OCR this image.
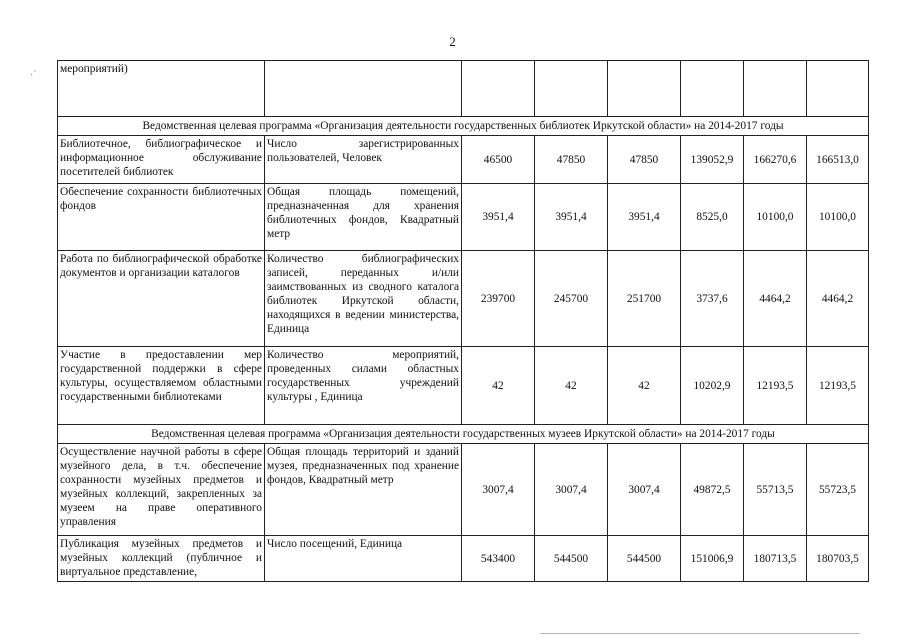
2
·´
мероприятий)							
Ведомственная целевая программа «Организация деятельности государственных библиотек Иркутской области» на 2014-2017 годы							
Библиотечное, библиографическое и информационное обслуживание посетителей библиотек	Число зарегистрированных пользователей, Человек	46500	47850	47850	139052,9	166270,6	166513,0
Обеспечение сохранности библиотечных фондов	Общая площадь помещений, предназначенная для хранения библиотечных фондов, Квадратный метр	3951,4	3951,4	3951,4	8525,0	10100,0	10100,0
Работа по библиографической обработке документов и организации каталогов	Количество библиографических записей, переданных и/или заимствованных из сводного каталога библиотек Иркутской области, находящихся в ведении министерства, Единица	239700	245700	251700	3737,6	4464,2	4464,2
Участие в предоставлении мер государственной поддержки в сфере культуры, осуществляемом областными государственными библиотеками	Количество мероприятий, проведенных силами областных государственных учреждений культуры , Единица	42	42	42	10202,9	12193,5	12193,5
Ведомственная целевая программа «Организация деятельности государственных музеев Иркутской области» на 2014-2017 годы							
Осуществление научной работы в сфере музейного дела, в т.ч. обеспечение сохранности музейных предметов и музейных коллекций, закрепленных за музеем на праве оперативного управления	Общая площадь территорий и зданий музея, предназначенных под хранение фондов, Квадратный метр	3007,4	3007,4	3007,4	49872,5	55713,5	55723,5
Публикация музейных предметов и музейных коллекций (публичное и виртуальное представление,	Число посещений, Единица	543400	544500	544500	151006,9	180713,5	180703,5
